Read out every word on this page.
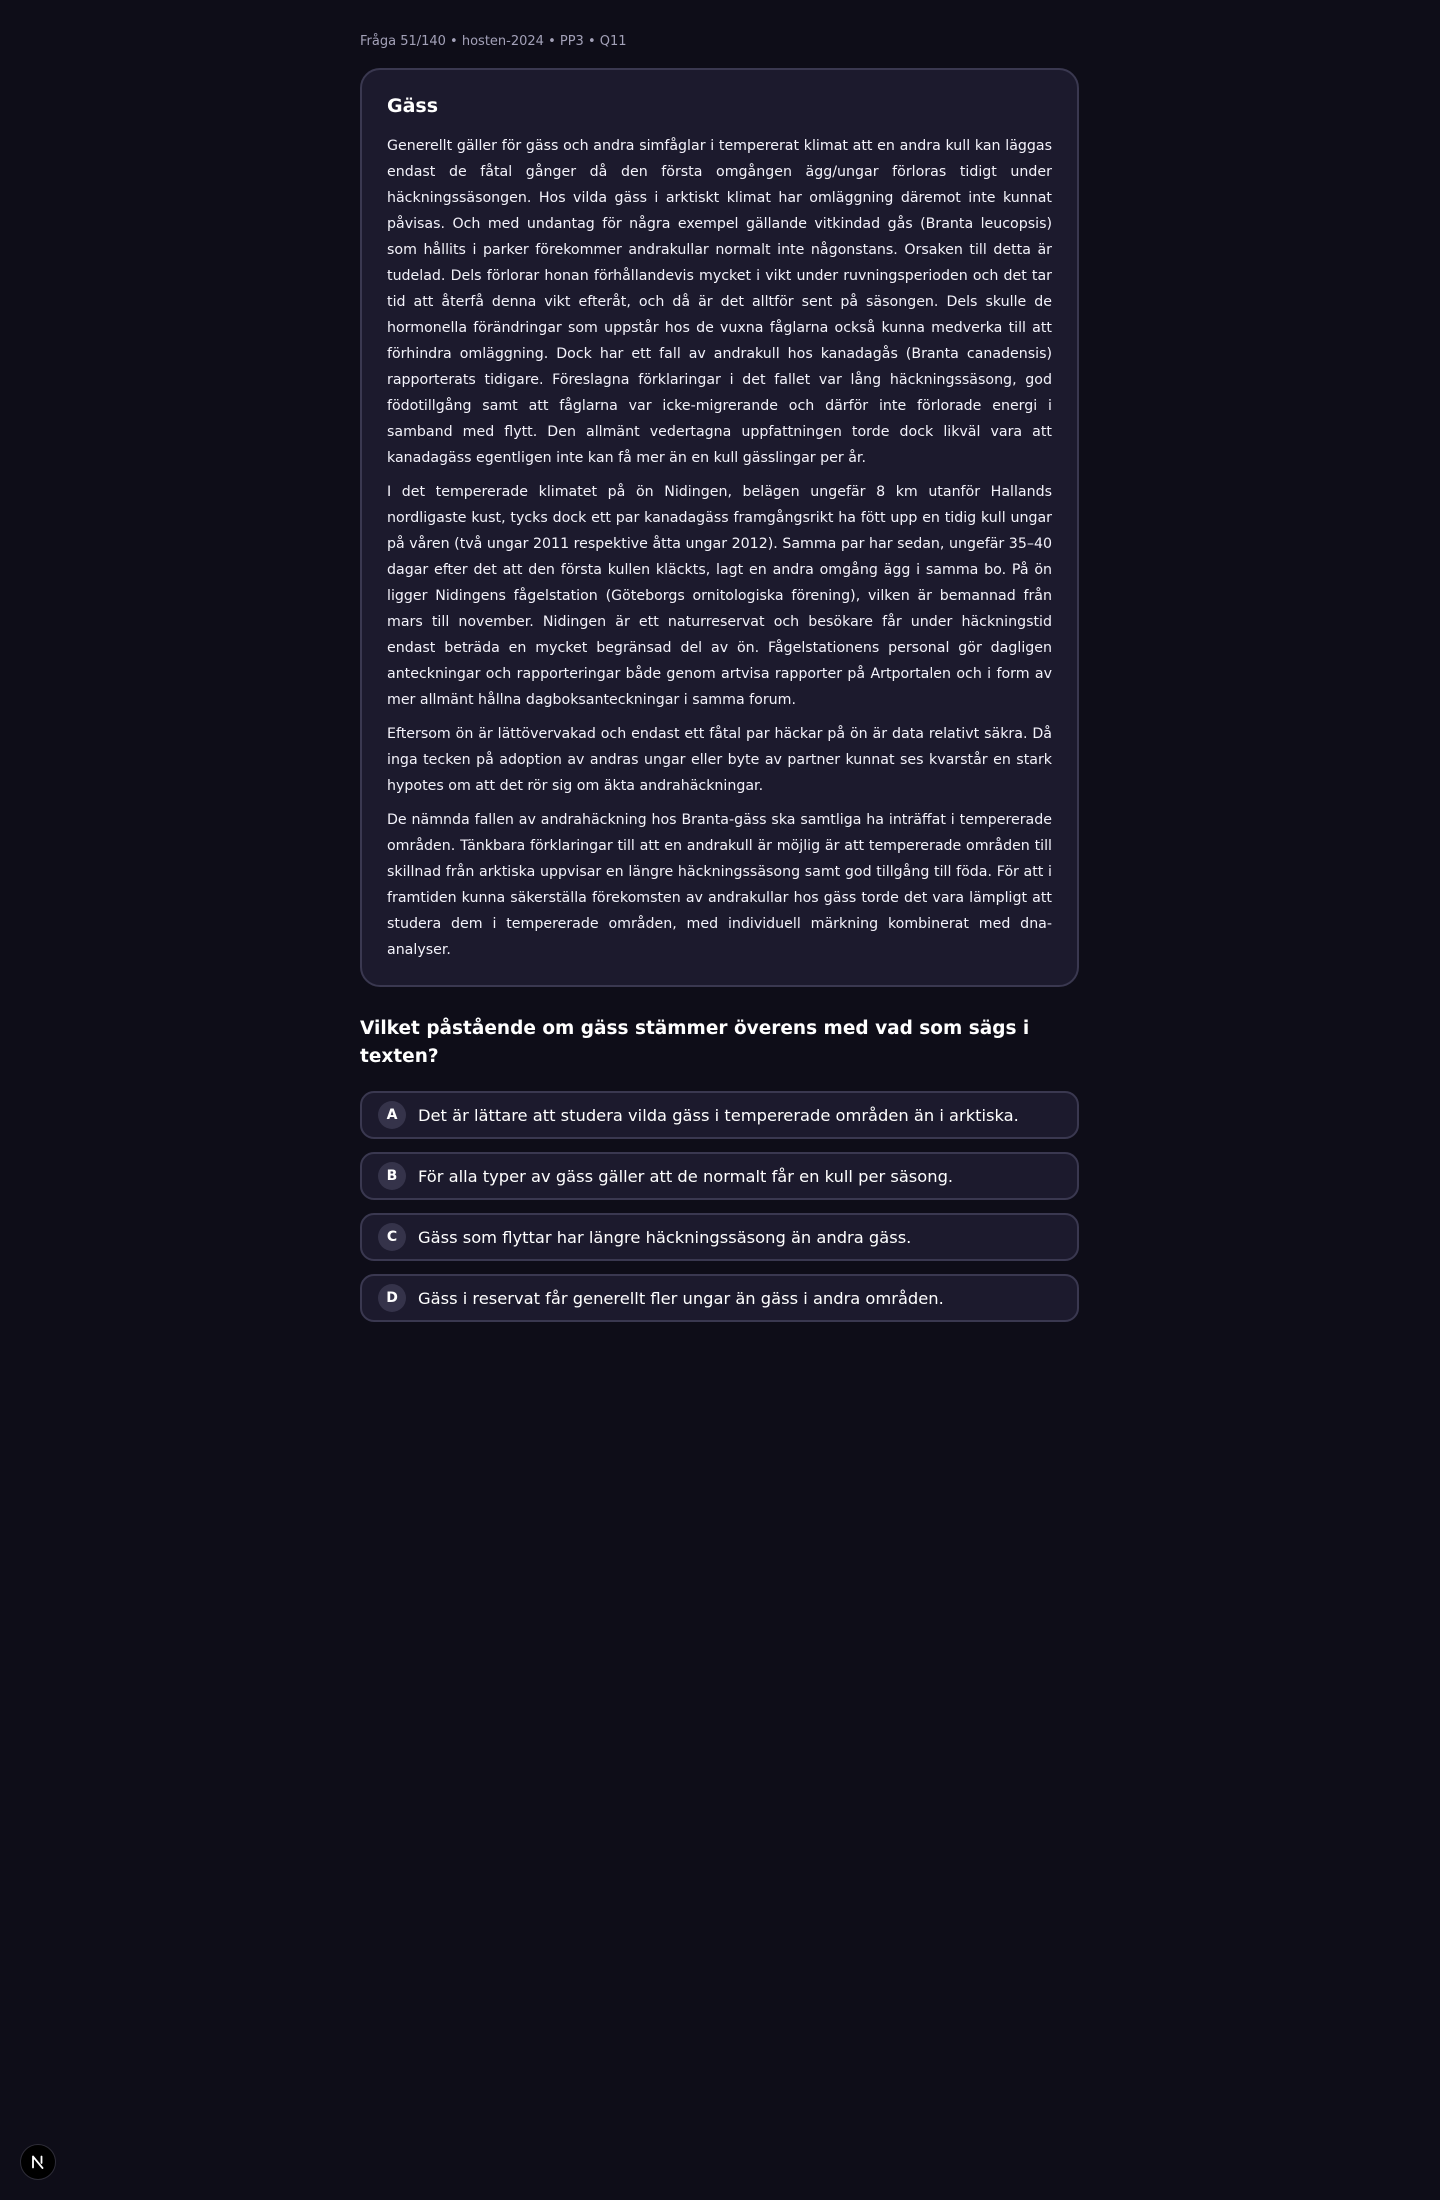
Fråga 51/140 • hosten-2024 • PP3 • Q11
Gäss

Generellt gäller för gäss och andra simfåglar i tempererat klimat att en andra kull kan läggas endast de fåtal gånger då den första omgången ägg/ungar förloras tidigt under häckningssäsongen. Hos vilda gäss i arktiskt klimat har omläggning däremot inte kunnat påvisas. Och med undantag för några exempel gällande vitkindad gås (Branta leucopsis) som hållits i parker förekommer andrakullar normalt inte någonstans. Orsaken till detta är tudelad. Dels förlorar honan förhållandevis mycket i vikt under ruvningsperioden och det tar tid att återfå denna vikt efteråt, och då är det alltför sent på säsongen. Dels skulle de hormonella förändringar som uppstår hos de vuxna fåglarna också kunna medverka till att förhindra omläggning. Dock har ett fall av andrakull hos kanadagås (Branta canadensis) rapporterats tidigare. Föreslagna förklaringar i det fallet var lång häckningssäsong, god födotillgång samt att fåglarna var icke-migrerande och därför inte förlorade energi i samband med flytt. Den allmänt vedertagna uppfattningen torde dock likväl vara att kanadagäss egentligen inte kan få mer än en kull gässlingar per år.

I det tempererade klimatet på ön Nidingen, belägen ungefär 8 km utanför Hallands nordligaste kust, tycks dock ett par kanadagäss framgångsrikt ha fött upp en tidig kull ungar på våren (två ungar 2011 respektive åtta ungar 2012). Samma par har sedan, ungefär 35–40 dagar efter det att den första kullen kläckts, lagt en andra omgång ägg i samma bo. På ön ligger Nidingens fågelstation (Göteborgs ornitologiska förening), vilken är bemannad från mars till november. Nidingen är ett naturreservat och besökare får under häckningstid endast beträda en mycket begränsad del av ön. Fågelstationens personal gör dagligen anteckningar och rapporteringar både genom artvisa rapporter på Artportalen och i form av mer allmänt hållna dagboksanteckningar i samma forum.

Eftersom ön är lättövervakad och endast ett fåtal par häckar på ön är data relativt säkra. Då inga tecken på adoption av andras ungar eller byte av partner kunnat ses kvarstår en stark hypotes om att det rör sig om äkta andrahäckningar.

De nämnda fallen av andrahäckning hos Branta-gäss ska samtliga ha inträffat i tempererade områden. Tänkbara förklaringar till att en andrakull är möjlig är att tempererade områden till skillnad från arktiska uppvisar en längre häckningssäsong samt god tillgång till föda. För att i framtiden kunna säkerställa förekomsten av andrakullar hos gäss torde det vara lämpligt att studera dem i tempererade områden, med individuell märkning kombinerat med dna-analyser.

Vilket påstående om gäss stämmer överens med vad som sägs i texten?
A	Det är lättare att studera vilda gäss i tempererade områden än i arktiska.
B	För alla typer av gäss gäller att de normalt får en kull per säsong.
C	Gäss som flyttar har längre häckningssäsong än andra gäss.
D	Gäss i reservat får generellt fler ungar än gäss i andra områden.
